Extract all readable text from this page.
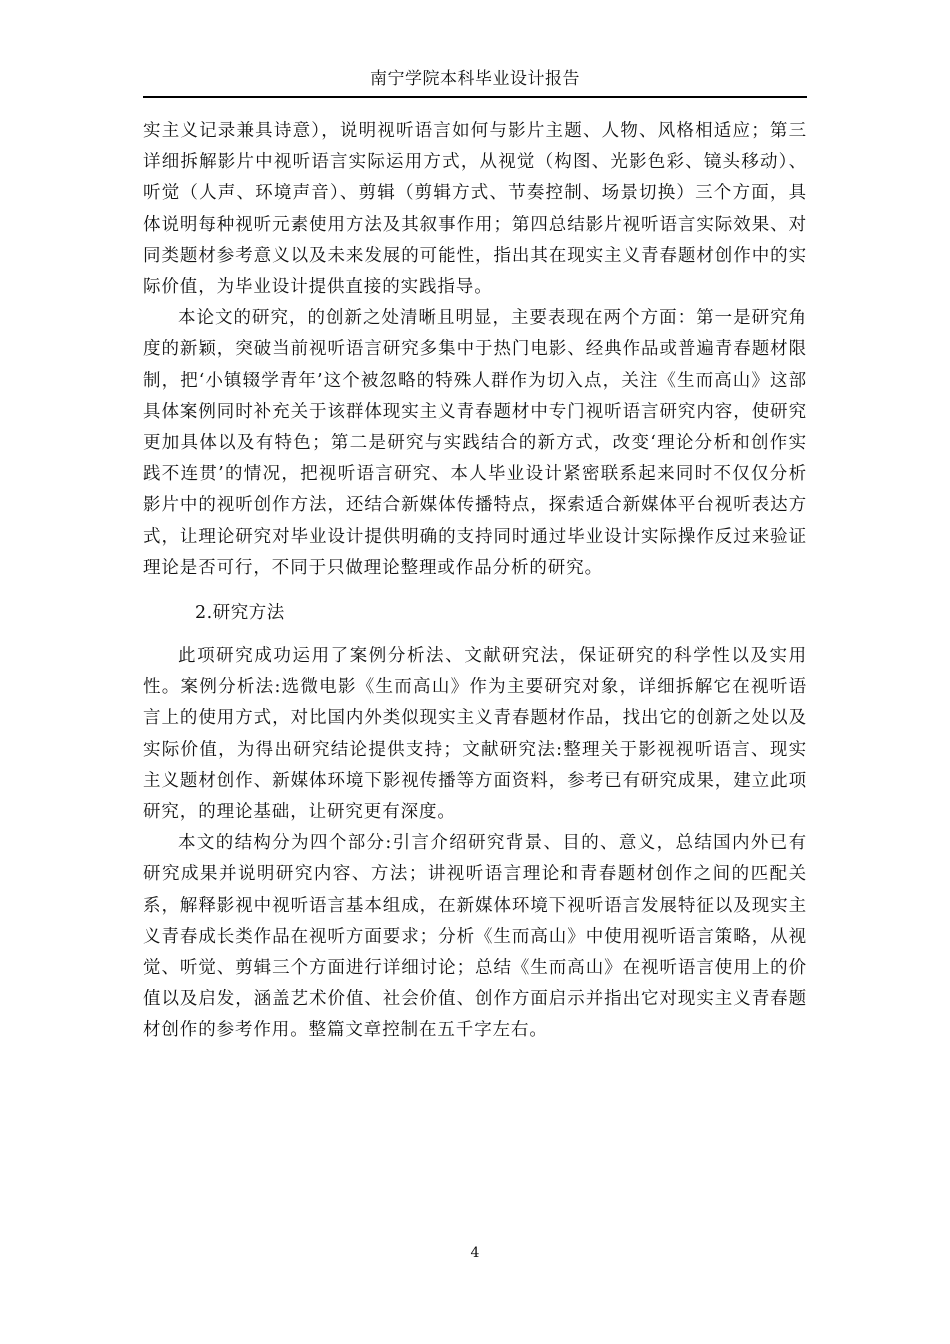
南宁学院本科毕业设计报告

实主义记录兼具诗意），说明视听语言如何与影片主题、人物、风格相适应；第三详细拆解影片中视听语言实际运用方式，从视觉（构图、光影色彩、镜头移动）、听觉（人声、环境声音）、剪辑（剪辑方式、节奏控制、场景切换）三个方面，具体说明每种视听元素使用方法及其叙事作用；第四总结影片视听语言实际效果、对同类题材参考意义以及未来发展的可能性，指出其在现实主义青春题材创作中的实际价值，为毕业设计提供直接的实践指导。

本论文的研究，的创新之处清晰且明显，主要表现在两个方面：第一是研究角度的新颖，突破当前视听语言研究多集中于热门电影、经典作品或普遍青春题材限制，把‘小镇辍学青年’这个被忽略的特殊人群作为切入点，关注《生而高山》这部具体案例同时补充关于该群体现实主义青春题材中专门视听语言研究内容，使研究更加具体以及有特色；第二是研究与实践结合的新方式，改变‘理论分析和创作实践不连贯’的情况，把视听语言研究、本人毕业设计紧密联系起来同时不仅仅分析影片中的视听创作方法，还结合新媒体传播特点，探索适合新媒体平台视听表达方式，让理论研究对毕业设计提供明确的支持同时通过毕业设计实际操作反过来验证理论是否可行，不同于只做理论整理或作品分析的研究。

2.研究方法

此项研究成功运用了案例分析法、文献研究法，保证研究的科学性以及实用性。案例分析法:选微电影《生而高山》作为主要研究对象，详细拆解它在视听语言上的使用方式，对比国内外类似现实主义青春题材作品，找出它的创新之处以及实际价值，为得出研究结论提供支持；文献研究法:整理关于影视视听语言、现实主义题材创作、新媒体环境下影视传播等方面资料，参考已有研究成果，建立此项研究，的理论基础，让研究更有深度。

本文的结构分为四个部分:引言介绍研究背景、目的、意义，总结国内外已有研究成果并说明研究内容、方法；讲视听语言理论和青春题材创作之间的匹配关系，解释影视中视听语言基本组成，在新媒体环境下视听语言发展特征以及现实主义青春成长类作品在视听方面要求；分析《生而高山》中使用视听语言策略，从视觉、听觉、剪辑三个方面进行详细讨论；总结《生而高山》在视听语言使用上的价值以及启发，涵盖艺术价值、社会价值、创作方面启示并指出它对现实主义青春题材创作的参考作用。整篇文章控制在五千字左右。

4
